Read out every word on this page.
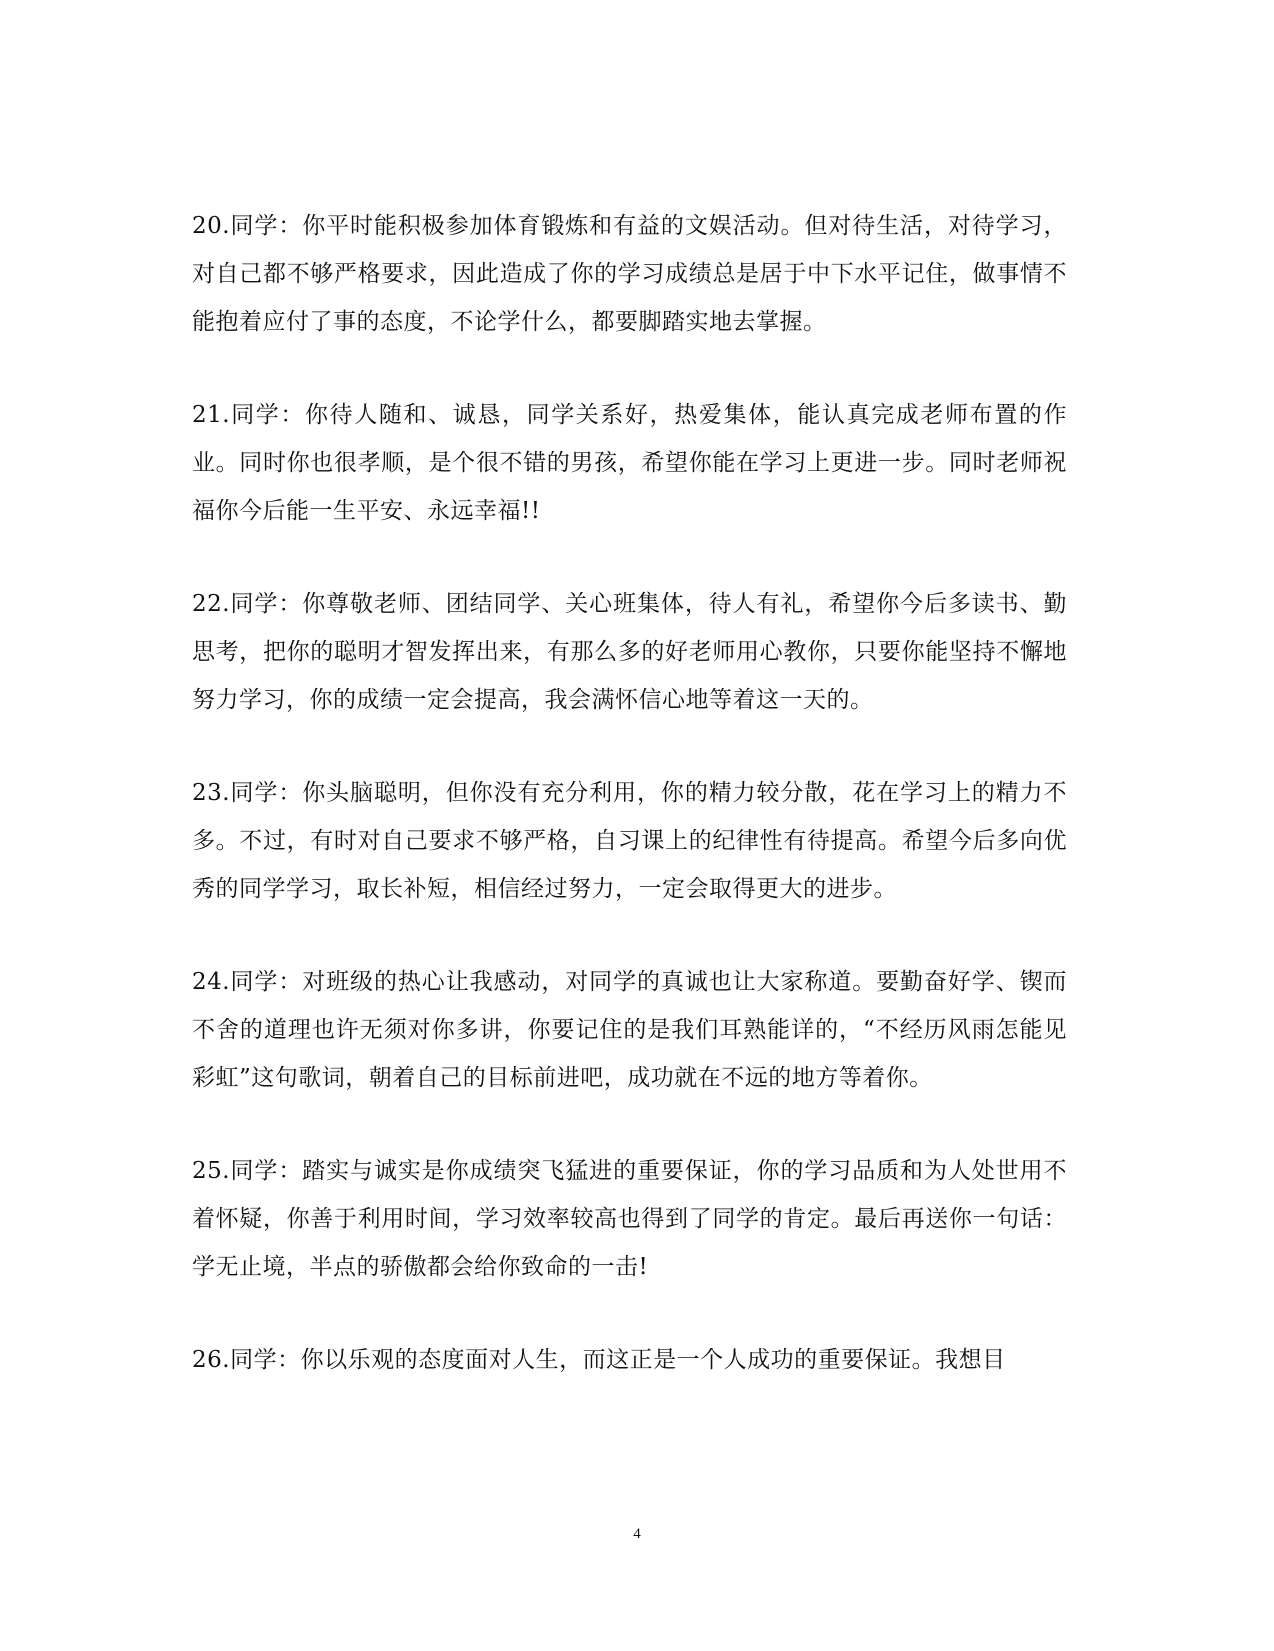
20.同学：你平时能积极参加体育锻炼和有益的文娱活动。但对待生活，对待学习，对自己都不够严格要求，因此造成了你的学习成绩总是居于中下水平记住，做事情不能抱着应付了事的态度，不论学什么，都要脚踏实地去掌握。

21.同学：你待人随和、诚恳，同学关系好，热爱集体，能认真完成老师布置的作业。同时你也很孝顺，是个很不错的男孩，希望你能在学习上更进一步。同时老师祝福你今后能一生平安、永远幸福!!

22.同学：你尊敬老师、团结同学、关心班集体，待人有礼，希望你今后多读书、勤思考，把你的聪明才智发挥出来，有那么多的好老师用心教你，只要你能坚持不懈地努力学习，你的成绩一定会提高，我会满怀信心地等着这一天的。

23.同学：你头脑聪明，但你没有充分利用，你的精力较分散，花在学习上的精力不多。不过，有时对自己要求不够严格，自习课上的纪律性有待提高。希望今后多向优秀的同学学习，取长补短，相信经过努力，一定会取得更大的进步。

24.同学：对班级的热心让我感动，对同学的真诚也让大家称道。要勤奋好学、锲而不舍的道理也许无须对你多讲，你要记住的是我们耳熟能详的，“不经历风雨怎能见彩虹”这句歌词，朝着自己的目标前进吧，成功就在不远的地方等着你。

25.同学：踏实与诚实是你成绩突飞猛进的重要保证，你的学习品质和为人处世用不着怀疑，你善于利用时间，学习效率较高也得到了同学的肯定。最后再送你一句话：学无止境，半点的骄傲都会给你致命的一击!

26.同学：你以乐观的态度面对人生，而这正是一个人成功的重要保证。我想目

4
